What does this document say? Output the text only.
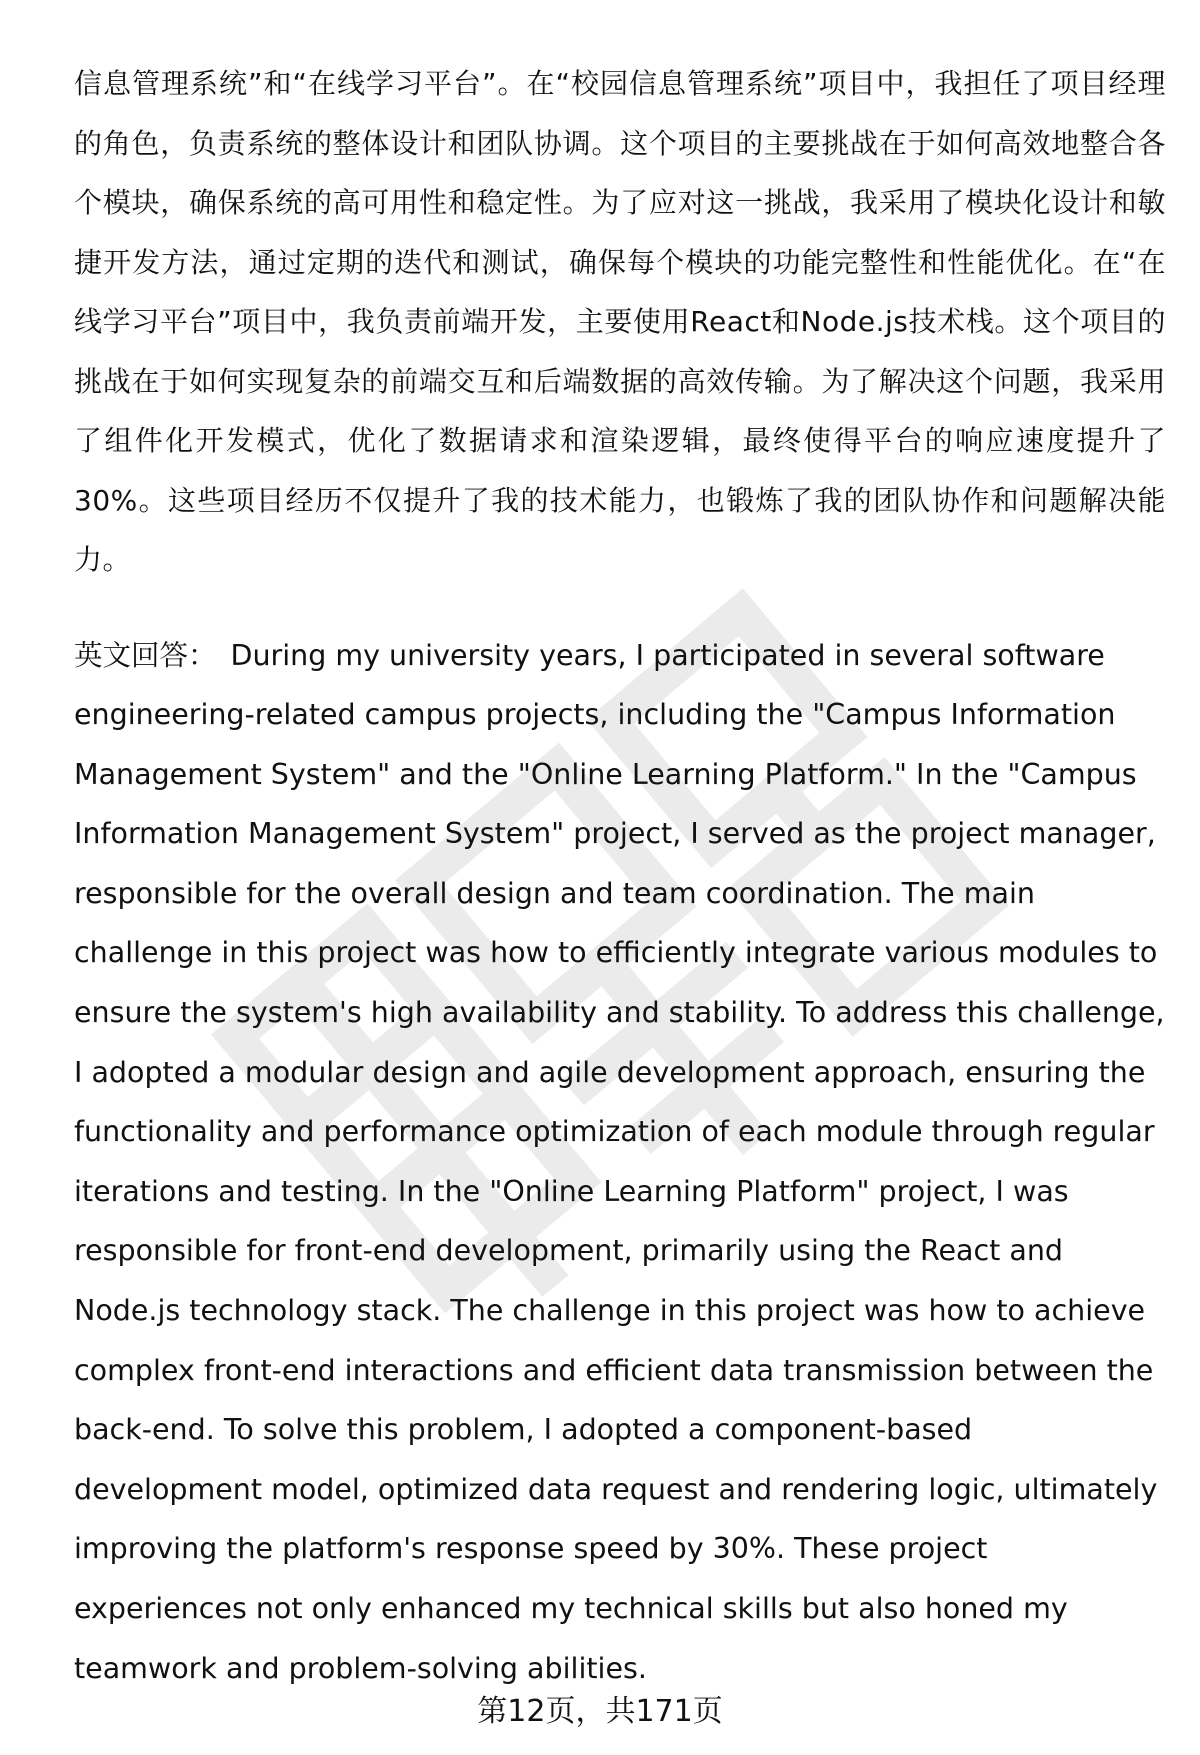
信息管理系统”和“在线学习平台”。在“校园信息管理系统”项目中，我担任了项目经理的角色，负责系统的整体设计和团队协调。这个项目的主要挑战在于如何高效地整合各个模块，确保系统的高可用性和稳定性。为了应对这一挑战，我采用了模块化设计和敏捷开发方法，通过定期的迭代和测试，确保每个模块的功能完整性和性能优化。在“在线学习平台”项目中，我负责前端开发，主要使用React和Node.js技术栈。这个项目的挑战在于如何实现复杂的前端交互和后端数据的高效传输。为了解决这个问题，我采用了组件化开发模式，优化了数据请求和渲染逻辑，最终使得平台的响应速度提升了30%。这些项目经历不仅提升了我的技术能力，也锻炼了我的团队协作和问题解决能力。

英文回答： During my university years, I participated in several software engineering-related campus projects, including the "Campus Information Management System" and the "Online Learning Platform." In the "Campus Information Management System" project, I served as the project manager, responsible for the overall design and team coordination. The main challenge in this project was how to efficiently integrate various modules to ensure the system's high availability and stability. To address this challenge, I adopted a modular design and agile development approach, ensuring the functionality and performance optimization of each module through regular iterations and testing. In the "Online Learning Platform" project, I was responsible for front-end development, primarily using the React and Node.js technology stack. The challenge in this project was how to achieve complex front-end interactions and efficient data transmission between the back-end. To solve this problem, I adopted a component-based development model, optimized data request and rendering logic, ultimately improving the platform's response speed by 30%. These project experiences not only enhanced my technical skills but also honed my teamwork and problem-solving abilities.

第12页，共171页
